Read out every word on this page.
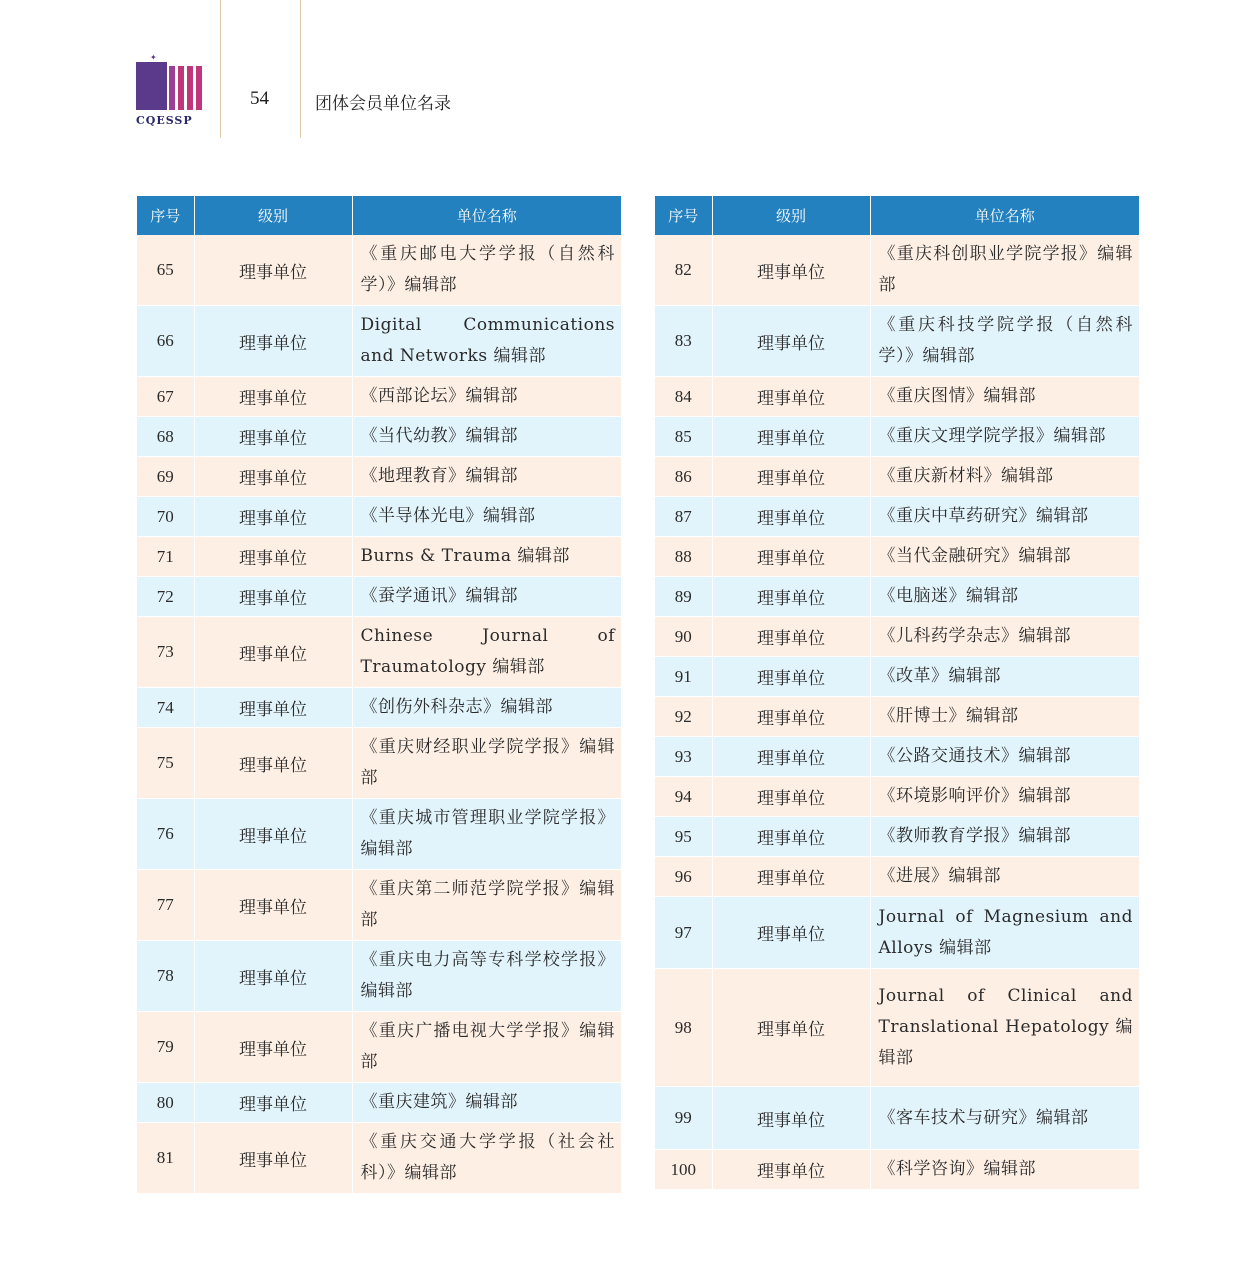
✦
CQESSP
54	团体会员单位名录
序号	级别	单位名称
65	理事单位	《重庆邮电大学学报（自然科学）》编辑部
66	理事单位	Digital Communications and Networks 编辑部
67	理事单位	《西部论坛》编辑部
68	理事单位	《当代幼教》编辑部
69	理事单位	《地理教育》编辑部
70	理事单位	《半导体光电》编辑部
71	理事单位	Burns & Trauma 编辑部
72	理事单位	《蚕学通讯》编辑部
73	理事单位	Chinese Journal of Traumatology 编辑部
74	理事单位	《创伤外科杂志》编辑部
75	理事单位	《重庆财经职业学院学报》编辑部
76	理事单位	《重庆城市管理职业学院学报》编辑部
77	理事单位	《重庆第二师范学院学报》编辑部
78	理事单位	《重庆电力高等专科学校学报》编辑部
79	理事单位	《重庆广播电视大学学报》编辑部
80	理事单位	《重庆建筑》编辑部
81	理事单位	《重庆交通大学学报（社会社科）》编辑部
序号	级别	单位名称
82	理事单位	《重庆科创职业学院学报》编辑部
83	理事单位	《重庆科技学院学报（自然科学）》编辑部
84	理事单位	《重庆图情》编辑部
85	理事单位	《重庆文理学院学报》编辑部
86	理事单位	《重庆新材料》编辑部
87	理事单位	《重庆中草药研究》编辑部
88	理事单位	《当代金融研究》编辑部
89	理事单位	《电脑迷》编辑部
90	理事单位	《儿科药学杂志》编辑部
91	理事单位	《改革》编辑部
92	理事单位	《肝博士》编辑部
93	理事单位	《公路交通技术》编辑部
94	理事单位	《环境影响评价》编辑部
95	理事单位	《教师教育学报》编辑部
96	理事单位	《进展》编辑部
97	理事单位	Journal of Magnesium and Alloys 编辑部
98	理事单位	Journal of Clinical and Translational Hepatology 编辑部
99	理事单位	《客车技术与研究》编辑部
100	理事单位	《科学咨询》编辑部
